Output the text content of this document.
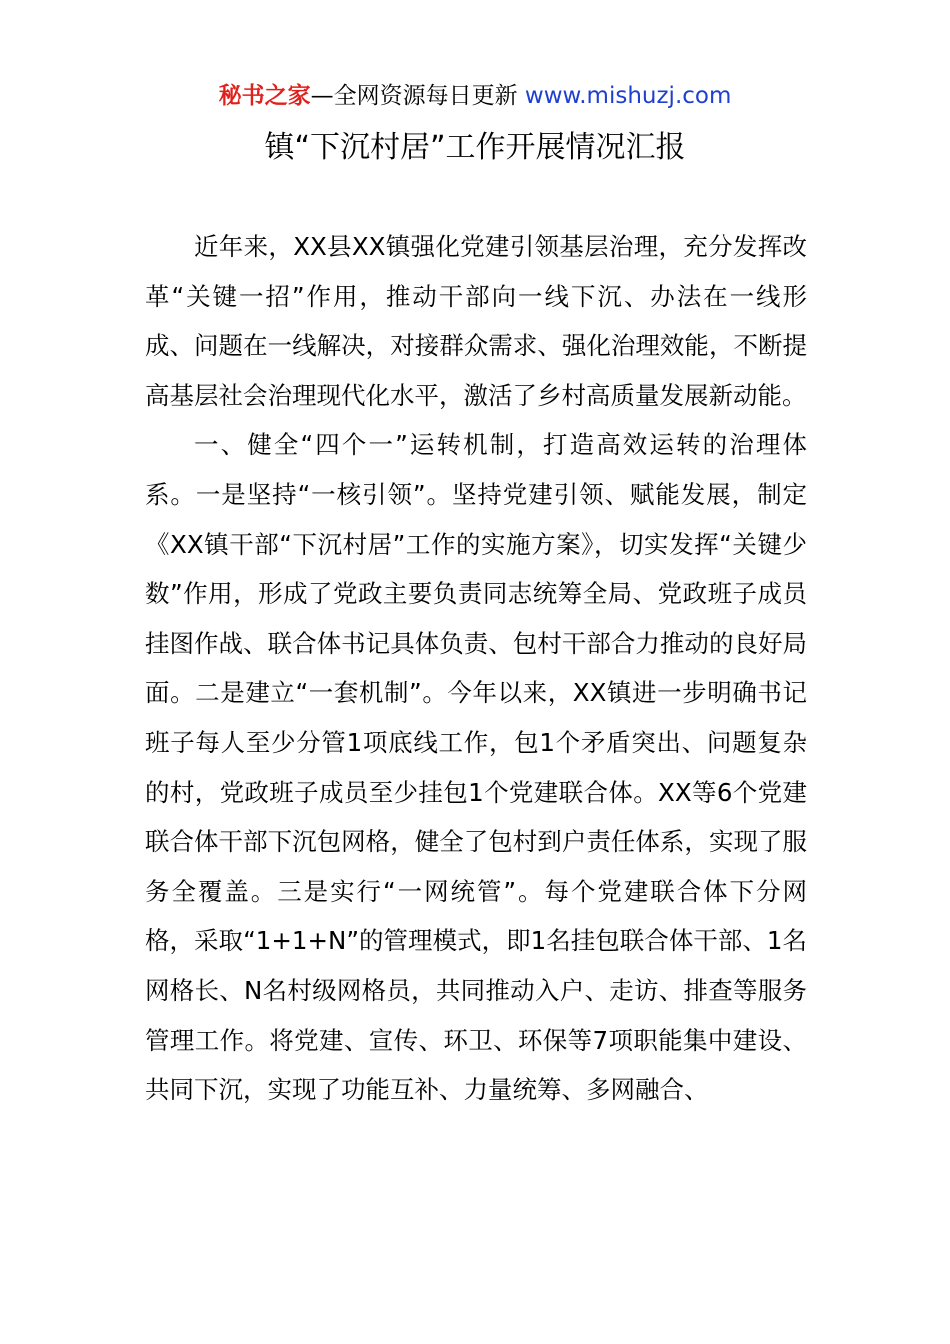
秘书之家—全网资源每日更新 www.mishuzj.com
镇“下沉村居”工作开展情况汇报

近年来，XX县XX镇强化党建引领基层治理，充分发挥改革“关键一招”作用，推动干部向一线下沉、办法在一线形成、问题在一线解决，对接群众需求、强化治理效能，不断提高基层社会治理现代化水平，激活了乡村高质量发展新动能。

一、健全“四个一”运转机制，打造高效运转的治理体系。一是坚持“一核引领”。坚持党建引领、赋能发展，制定《XX镇干部“下沉村居”工作的实施方案》，切实发挥“关键少数”作用，形成了党政主要负责同志统筹全局、党政班子成员挂图作战、联合体书记具体负责、包村干部合力推动的良好局面。二是建立“一套机制”。今年以来，XX镇进一步明确书记班子每人至少分管1项底线工作，包1个矛盾突出、问题复杂的村，党政班子成员至少挂包1个党建联合体。XX等6个党建联合体干部下沉包网格，健全了包村到户责任体系，实现了服务全覆盖。三是实行“一网统管”。每个党建联合体下分网格，采取“1+1+N”的管理模式，即1名挂包联合体干部、1名网格长、N名村级网格员，共同推动入户、走访、排查等服务管理工作。将党建、宣传、环卫、环保等7项职能集中建设、共同下沉，实现了功能互补、力量统筹、多网融合、
